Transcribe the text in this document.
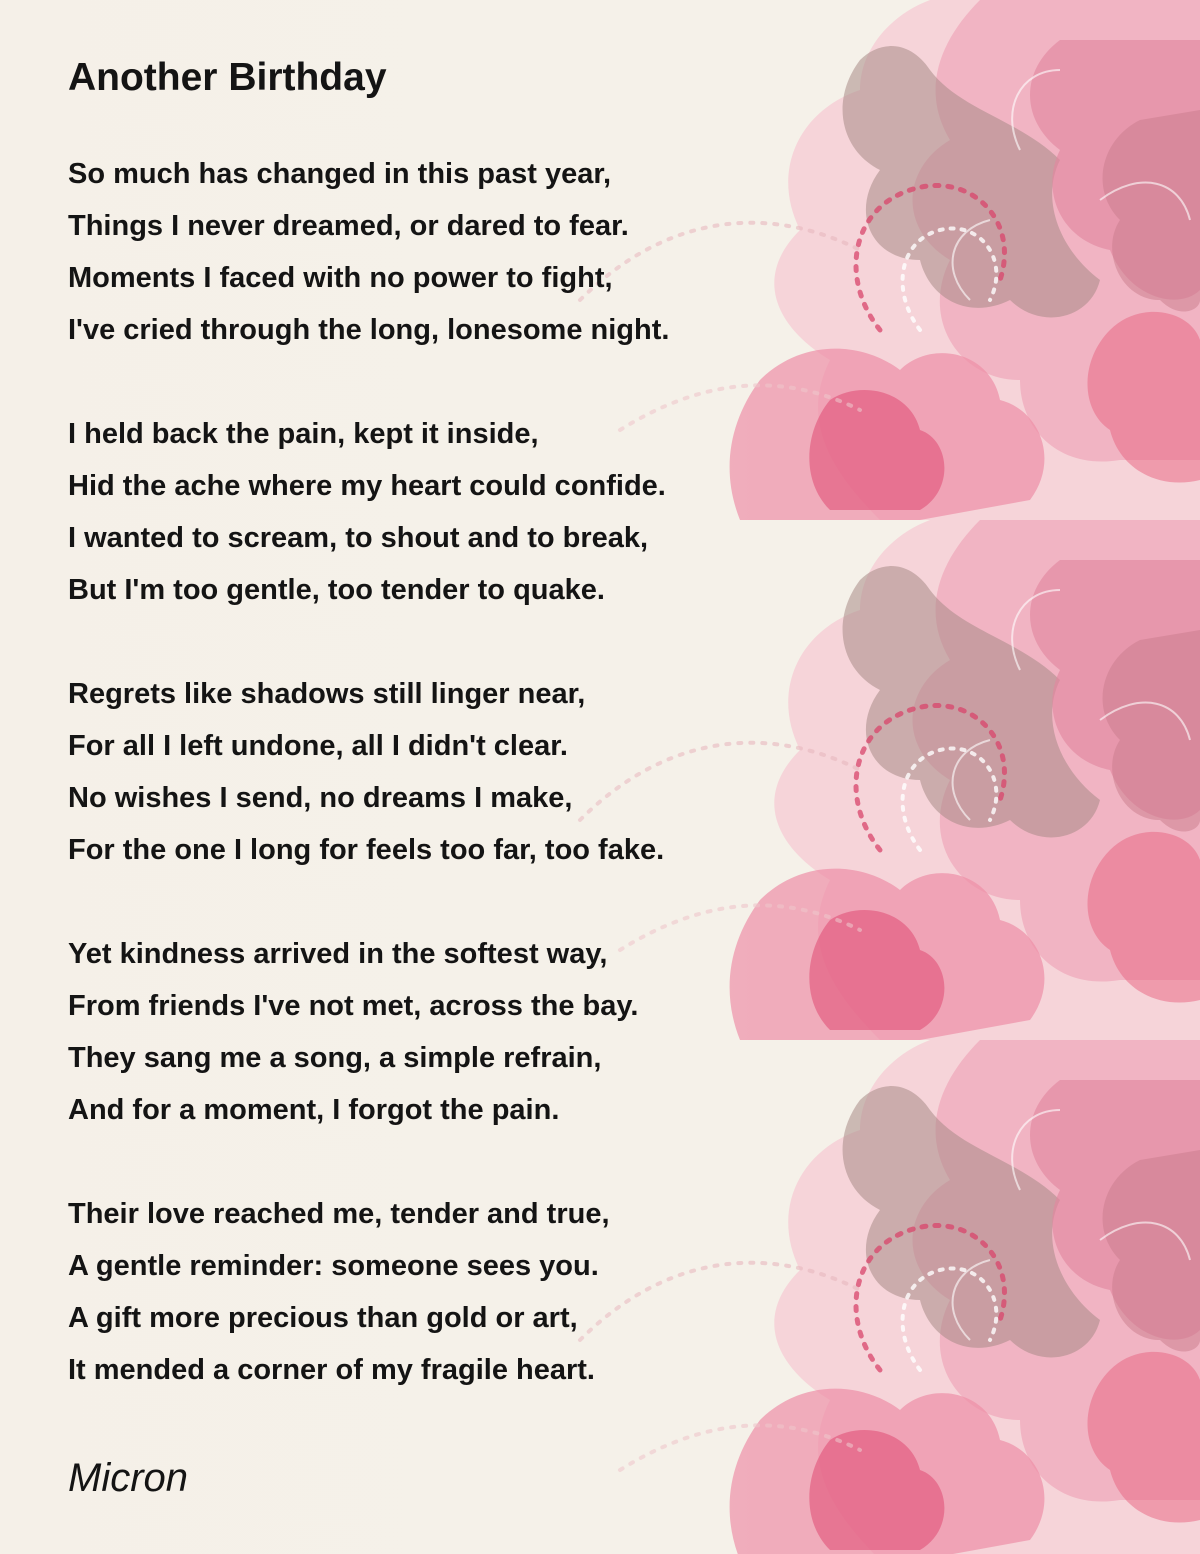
Another Birthday
So much has changed in this past year,
Things I never dreamed, or dared to fear.
Moments I faced with no power to fight,
I've cried through the long, lonesome night.
I held back the pain, kept it inside,
Hid the ache where my heart could confide.
I wanted to scream, to shout and to break,
But I'm too gentle, too tender to quake.
Regrets like shadows still linger near,
For all I left undone, all I didn't clear.
No wishes I send, no dreams I make,
For the one I long for feels too far, too fake.
Yet kindness arrived in the softest way,
From friends I've not met, across the bay.
They sang me a song, a simple refrain,
And for a moment, I forgot the pain.
Their love reached me, tender and true,
A gentle reminder: someone sees you.
A gift more precious than gold or art,
It mended a corner of my fragile heart.

Micron
